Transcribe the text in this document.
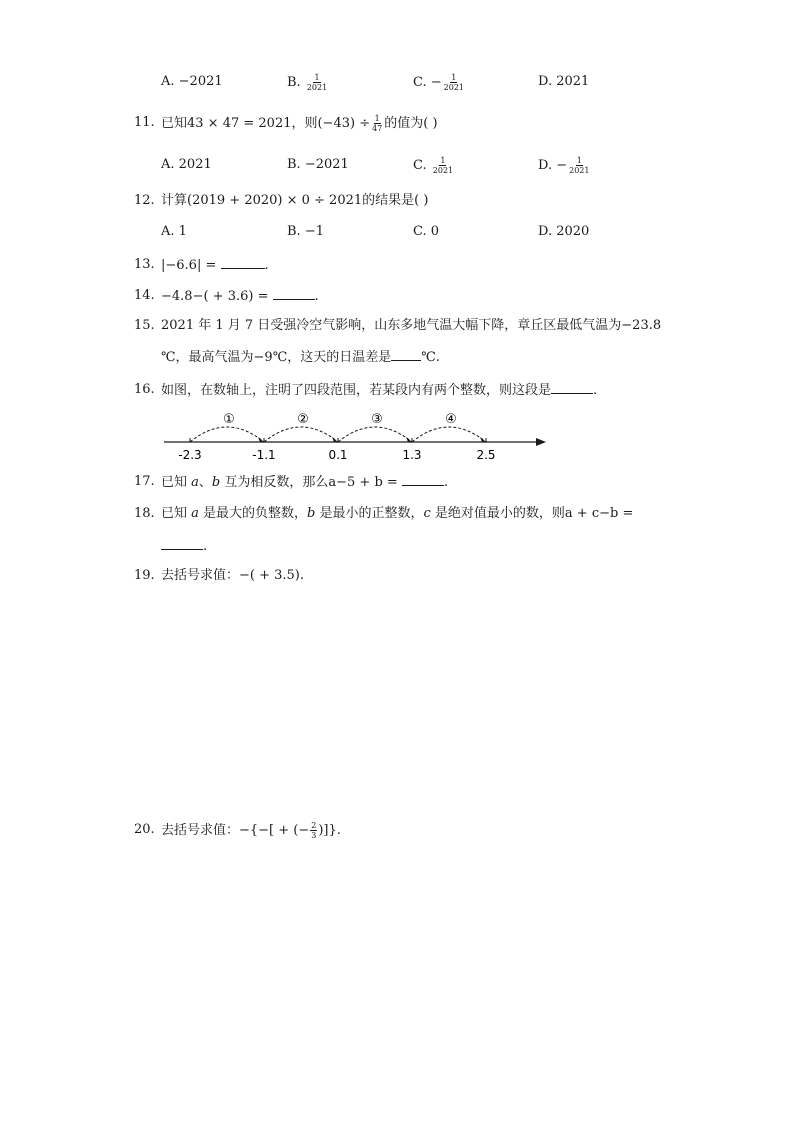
A. −2021	B. $\frac{1}{2021}$	C. − $\frac{1}{2021}$	D. 2021
11. 已知43 × 47 = 2021，则$(-43) \div \frac{1}{47}$ 的值为( )
A. 2021	B. −2021	C. $\frac{1}{2021}$	D. − $\frac{1}{2021}$
12. 计算(2019 + 2020) × 0 ÷ 2021的结果是( )
A. 1	B. −1	C. 0	D. 2020
13. |−6.6| =	.
14. −4.8−( + 3.6) =	.
15. 2021 年 1 月 7 日受强冷空气影响，山东多地气温大幅下降，章丘区最低气温为−23.8
℃，最高气温为−9℃，这天的日温差是 ℃.
16. 如图，在数轴上，注明了四段范围，若某段内有两个整数，则这段是	.
①	②	③	④
-2.3	-1.1	0.1	1.3	2.5
17. 已知 a、b 互为相反数，那么a−5 + b =	.
18. 已知 a 是最大的负整数，b 是最小的正整数，c 是绝对值最小的数，则a + c−b =
.
19. 去括号求值：−( + 3.5).
20. 去括号求值：−{−[ + (− $\frac{2}{3}$ )]}.
